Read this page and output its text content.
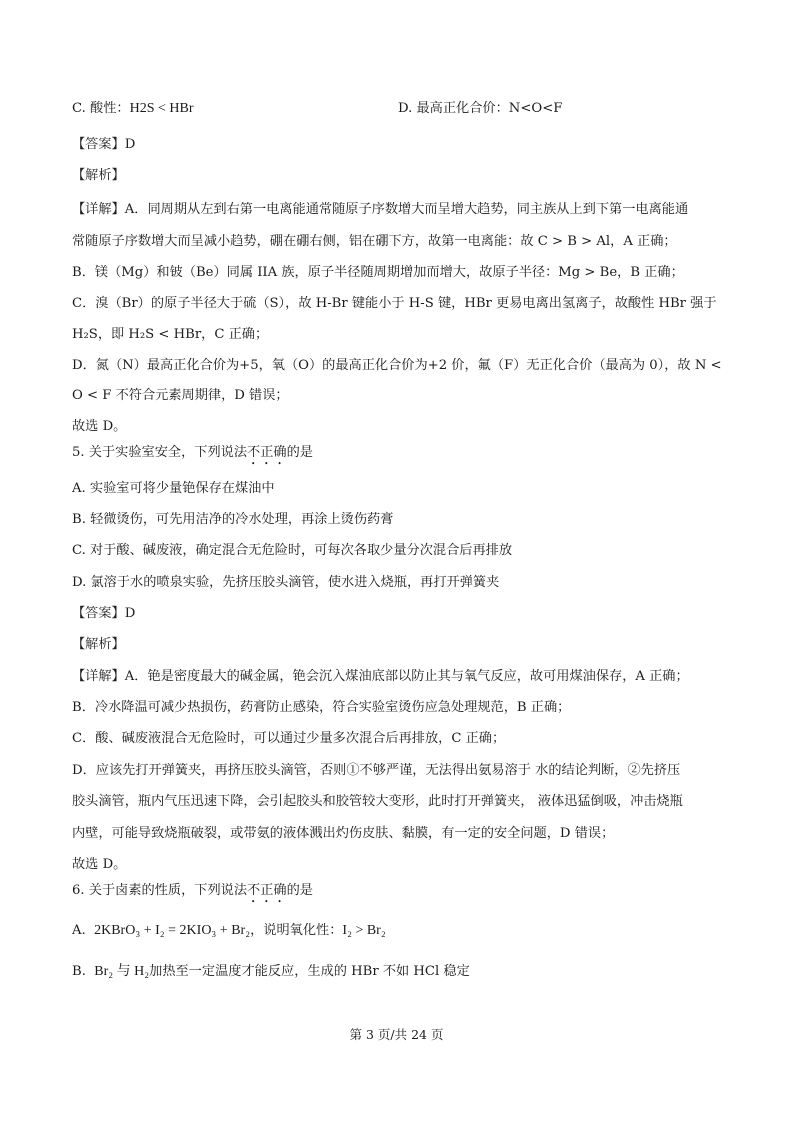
C. 酸性：H2S < HBr	D. 最高正化合价：N<O<F
【答案】D
【解析】
【详解】A．同周期从左到右第一电离能通常随原子序数增大而呈增大趋势，同主族从上到下第一电离能通
常随原子序数增大而呈减小趋势，硼在硼右侧，铝在硼下方，故第一电离能：故 C > B > Al，A 正确；
B．镁（Mg）和铍（Be）同属 IIA 族，原子半径随周期增加而增大，故原子半径：Mg > Be，B 正确；
C．溴（Br）的原子半径大于硫（S），故 H-Br 键能小于 H-S 键，HBr 更易电离出氢离子，故酸性 HBr 强于
H₂S，即 H₂S < HBr，C 正确；
D．氮（N）最高正化合价为+5，氧（O）的最高正化合价为+2 价，氟（F）无正化合价（最高为 0），故 N <
O < F 不符合元素周期律，D 错误；
故选 D。
5. 关于实验室安全，下列说法不正确的是
A. 实验室可将少量铯保存在煤油中
B. 轻微烫伤，可先用洁净的冷水处理，再涂上烫伤药膏
C. 对于酸、碱废液，确定混合无危险时，可每次各取少量分次混合后再排放
D. 氯溶于水的喷泉实验，先挤压胶头滴管，使水进入烧瓶，再打开弹簧夹
【答案】D
【解析】
【详解】A．铯是密度最大的碱金属，铯会沉入煤油底部以防止其与氧气反应，故可用煤油保存，A 正确；
B．冷水降温可减少热损伤，药膏防止感染，符合实验室烫伤应急处理规范，B 正确；
C．酸、碱废液混合无危险时，可以通过少量多次混合后再排放，C 正确；
D．应该先打开弹簧夹，再挤压胶头滴管，否则①不够严谨，无法得出氨易溶于 水的结论判断，②先挤压
胶头滴管，瓶内气压迅速下降，会引起胶头和胶管较大变形，此时打开弹簧夹， 液体迅猛倒吸，冲击烧瓶
内壁，可能导致烧瓶破裂，或带氨的液体溅出灼伤皮肤、黏膜，有一定的安全问题，D 错误；
故选 D。
6. 关于卤素的性质，下列说法不正确的是
A. 2KBrO₃ + I₂ = 2KIO₃ + Br₂，说明氧化性：I₂ > Br₂
B. Br₂ 与 H₂加热至一定温度才能反应，生成的 HBr 不如 HCl 稳定
第 3 页/共 24 页
